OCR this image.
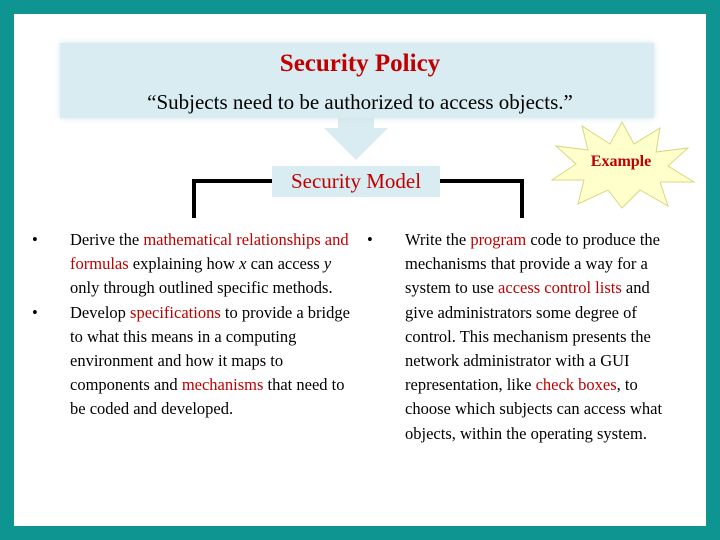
Security Policy
“Subjects need to be authorized to access objects.”
Security Model
Example
• Derive the mathematical relationships and formulas explaining how x can access y only through outlined specific methods.
• Develop specifications to provide a bridge to what this means in a computing environment and how it maps to components and mechanisms that need to be coded and developed.
• Write the program code to produce the mechanisms that provide a way for a system to use access control lists and give administrators some degree of control. This mechanism presents the network administrator with a GUI representation, like check boxes, to choose which subjects can access what objects, within the operating system.
